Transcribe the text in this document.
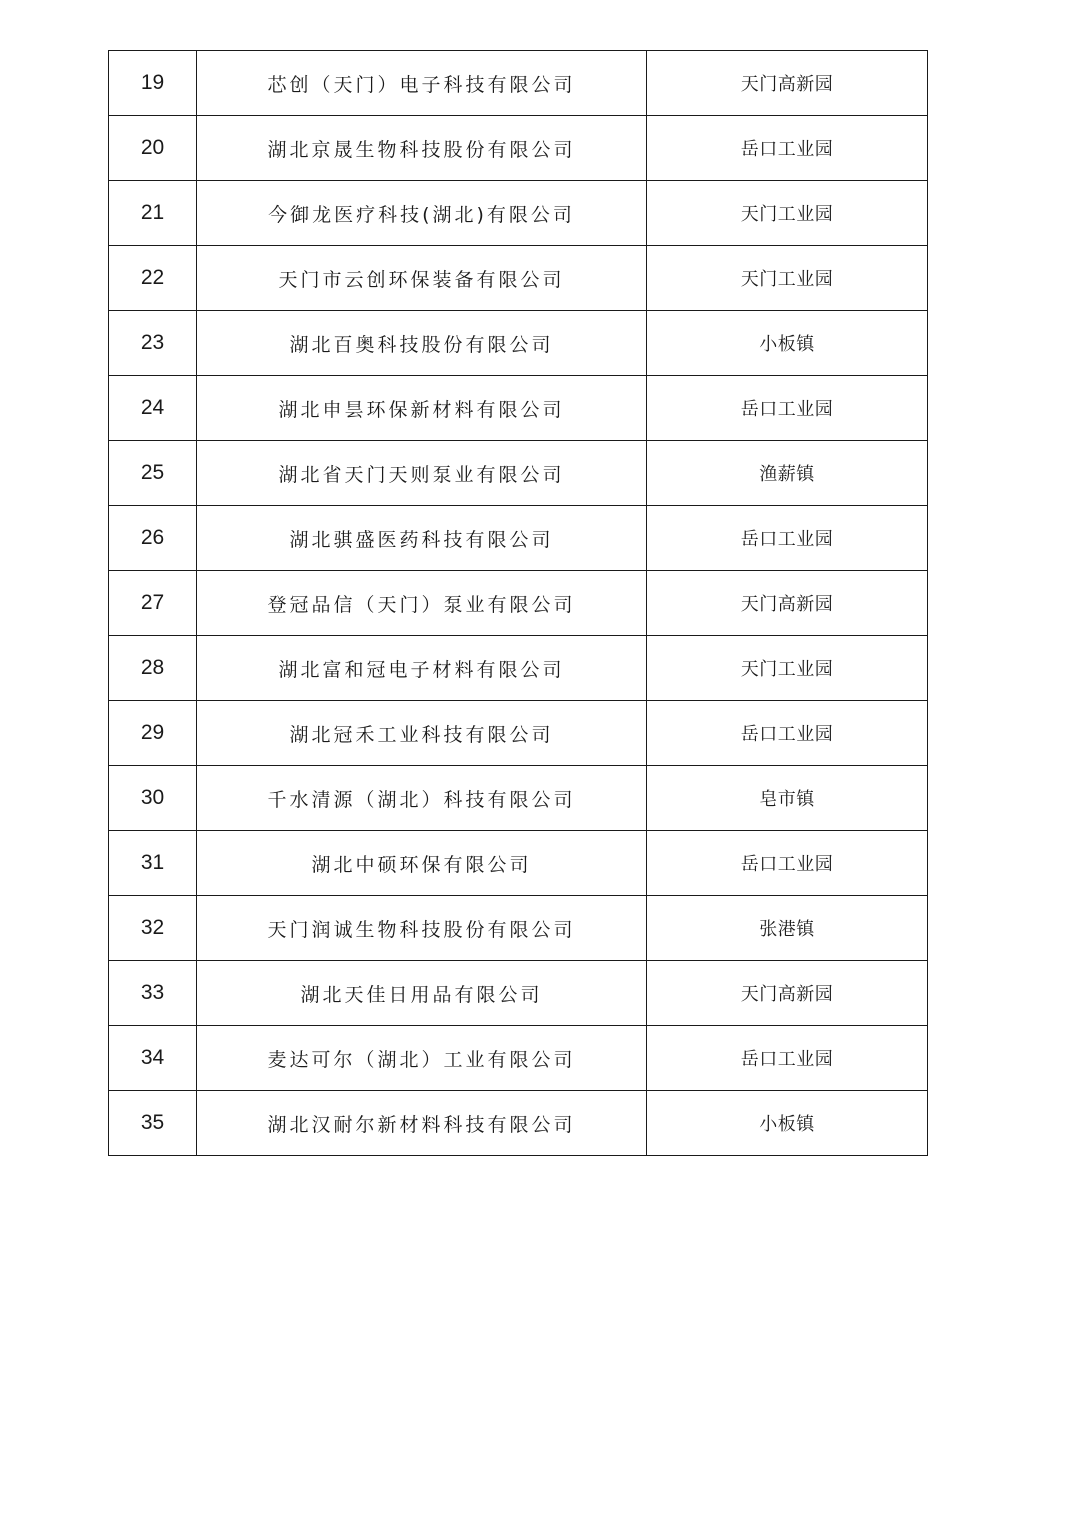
19	芯创（天门）电子科技有限公司	天门高新园
20	湖北京晟生物科技股份有限公司	岳口工业园
21	今御龙医疗科技(湖北)有限公司	天门工业园
22	天门市云创环保装备有限公司	天门工业园
23	湖北百奥科技股份有限公司	小板镇
24	湖北申昙环保新材料有限公司	岳口工业园
25	湖北省天门天则泵业有限公司	渔薪镇
26	湖北骐盛医药科技有限公司	岳口工业园
27	登冠品信（天门）泵业有限公司	天门高新园
28	湖北富和冠电子材料有限公司	天门工业园
29	湖北冠禾工业科技有限公司	岳口工业园
30	千水清源（湖北）科技有限公司	皂市镇
31	湖北中硕环保有限公司	岳口工业园
32	天门润诚生物科技股份有限公司	张港镇
33	湖北天佳日用品有限公司	天门高新园
34	麦达可尔（湖北）工业有限公司	岳口工业园
35	湖北汉耐尔新材料科技有限公司	小板镇
